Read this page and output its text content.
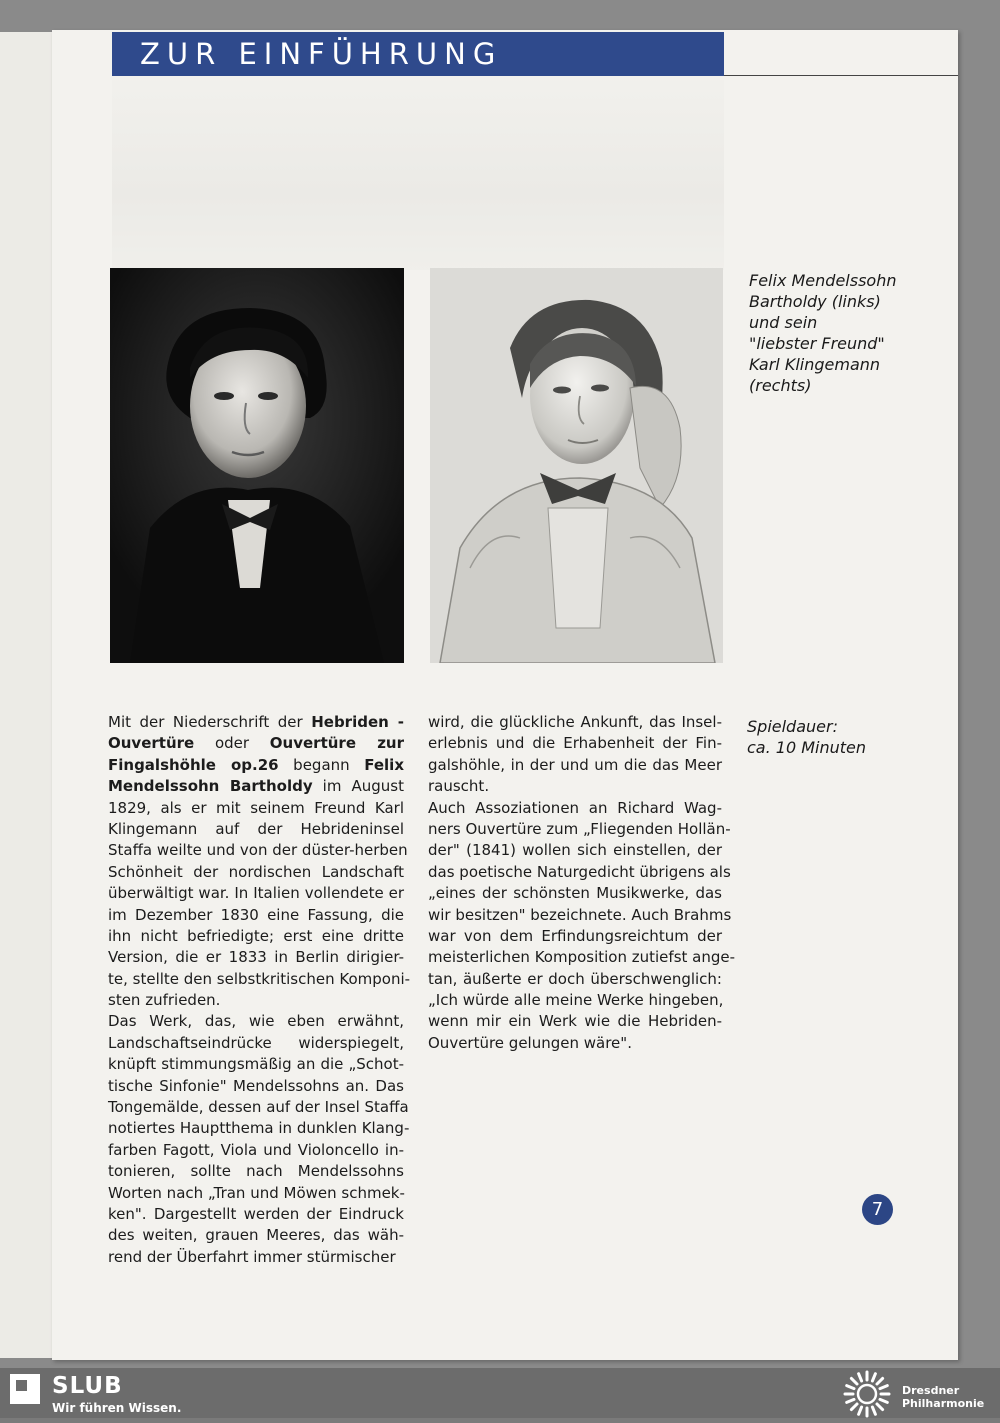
ZUR EINFÜHRUNG
Felix Mendelssohn
Bartholdy (links)
und sein
"liebster Freund"
Karl Klingemann
(rechts)
Spieldauer:
ca. 10 Minuten
Mit der Niederschrift der Hebriden -
Ouvertüre oder Ouvertüre zur
Fingalshöhle op.26 begann Felix
Mendelssohn Bartholdy im August
1829, als er mit seinem Freund Karl
Klingemann auf der Hebrideninsel
Staffa weilte und von der düster-herben
Schönheit der nordischen Landschaft
überwältigt war. In Italien vollendete er
im Dezember 1830 eine Fassung, die
ihn nicht befriedigte; erst eine dritte
Version, die er 1833 in Berlin dirigier-
te, stellte den selbstkritischen Komponi-
sten zufrieden.
Das Werk, das, wie eben erwähnt,
Landschaftseindrücke widerspiegelt,
knüpft stimmungsmäßig an die „Schot-
tische Sinfonie" Mendelssohns an. Das
Tongemälde, dessen auf der Insel Staffa
notiertes Hauptthema in dunklen Klang-
farben Fagott, Viola und Violoncello in-
tonieren, sollte nach Mendelssohns
Worten nach „Tran und Möwen schmek-
ken". Dargestellt werden der Eindruck
des weiten, grauen Meeres, das wäh-
rend der Überfahrt immer stürmischer
wird, die glückliche Ankunft, das Insel-
erlebnis und die Erhabenheit der Fin-
galshöhle, in der und um die das Meer
rauscht.
Auch Assoziationen an Richard Wag-
ners Ouvertüre zum „Fliegenden Hollän-
der" (1841) wollen sich einstellen, der
das poetische Naturgedicht übrigens als
„eines der schönsten Musikwerke, das
wir besitzen" bezeichnete. Auch Brahms
war von dem Erfindungsreichtum der
meisterlichen Komposition zutiefst ange-
tan, äußerte er doch überschwenglich:
„Ich würde alle meine Werke hingeben,
wenn mir ein Werk wie die Hebriden-
Ouvertüre gelungen wäre".
7
SLUB
Wir führen Wissen.
Dresdner
Philharmonie
